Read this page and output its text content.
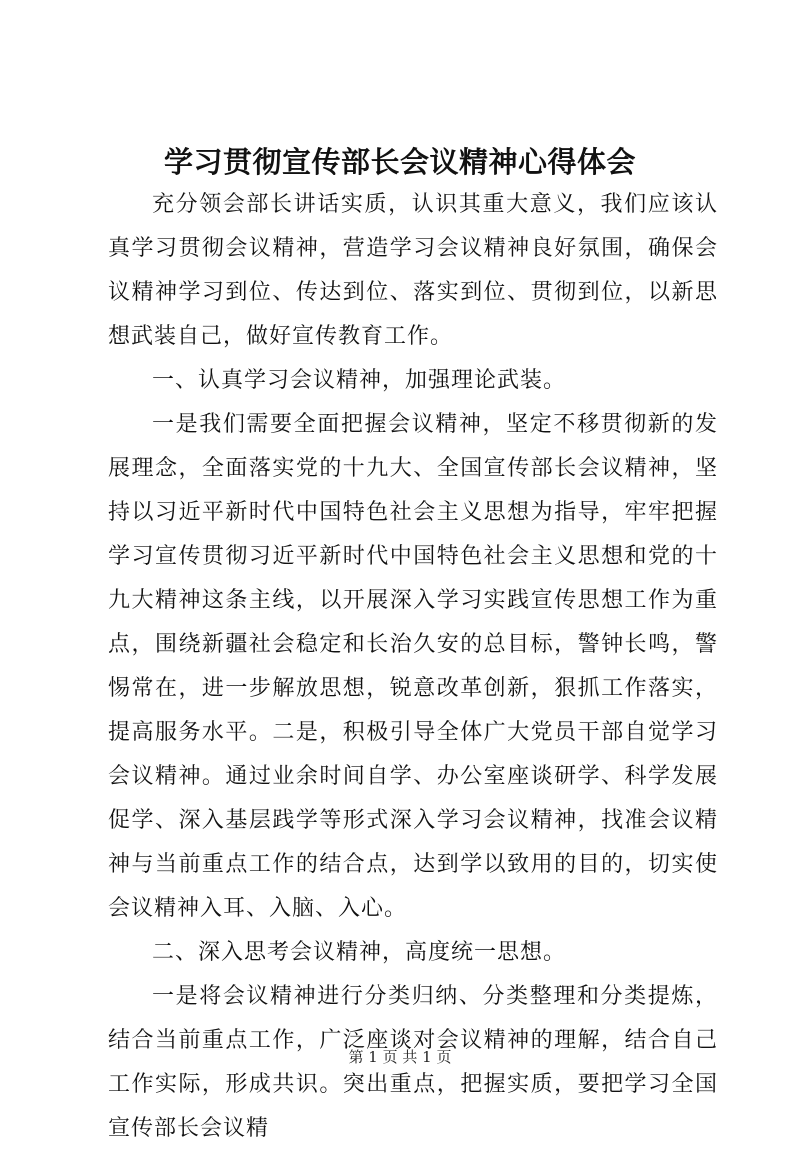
学习贯彻宣传部长会议精神心得体会

充分领会部长讲话实质，认识其重大意义，我们应该认真学习贯彻会议精神，营造学习会议精神良好氛围，确保会议精神学习到位、传达到位、落实到位、贯彻到位，以新思想武装自己，做好宣传教育工作。

一、认真学习会议精神，加强理论武装。

一是我们需要全面把握会议精神，坚定不移贯彻新的发展理念，全面落实党的十九大、全国宣传部长会议精神，坚持以习近平新时代中国特色社会主义思想为指导，牢牢把握学习宣传贯彻习近平新时代中国特色社会主义思想和党的十九大精神这条主线，以开展深入学习实践宣传思想工作为重点，围绕新疆社会稳定和长治久安的总目标，警钟长鸣，警惕常在，进一步解放思想，锐意改革创新，狠抓工作落实，提高服务水平。二是，积极引导全体广大党员干部自觉学习会议精神。通过业余时间自学、办公室座谈研学、科学发展促学、深入基层践学等形式深入学习会议精神，找准会议精神与当前重点工作的结合点，达到学以致用的目的，切实使会议精神入耳、入脑、入心。

二、深入思考会议精神，高度统一思想。

一是将会议精神进行分类归纳、分类整理和分类提炼，结合当前重点工作，广泛座谈对会议精神的理解，结合自己工作实际，形成共识。突出重点，把握实质，要把学习全国宣传部长会议精

第 1 页 共 1 页
